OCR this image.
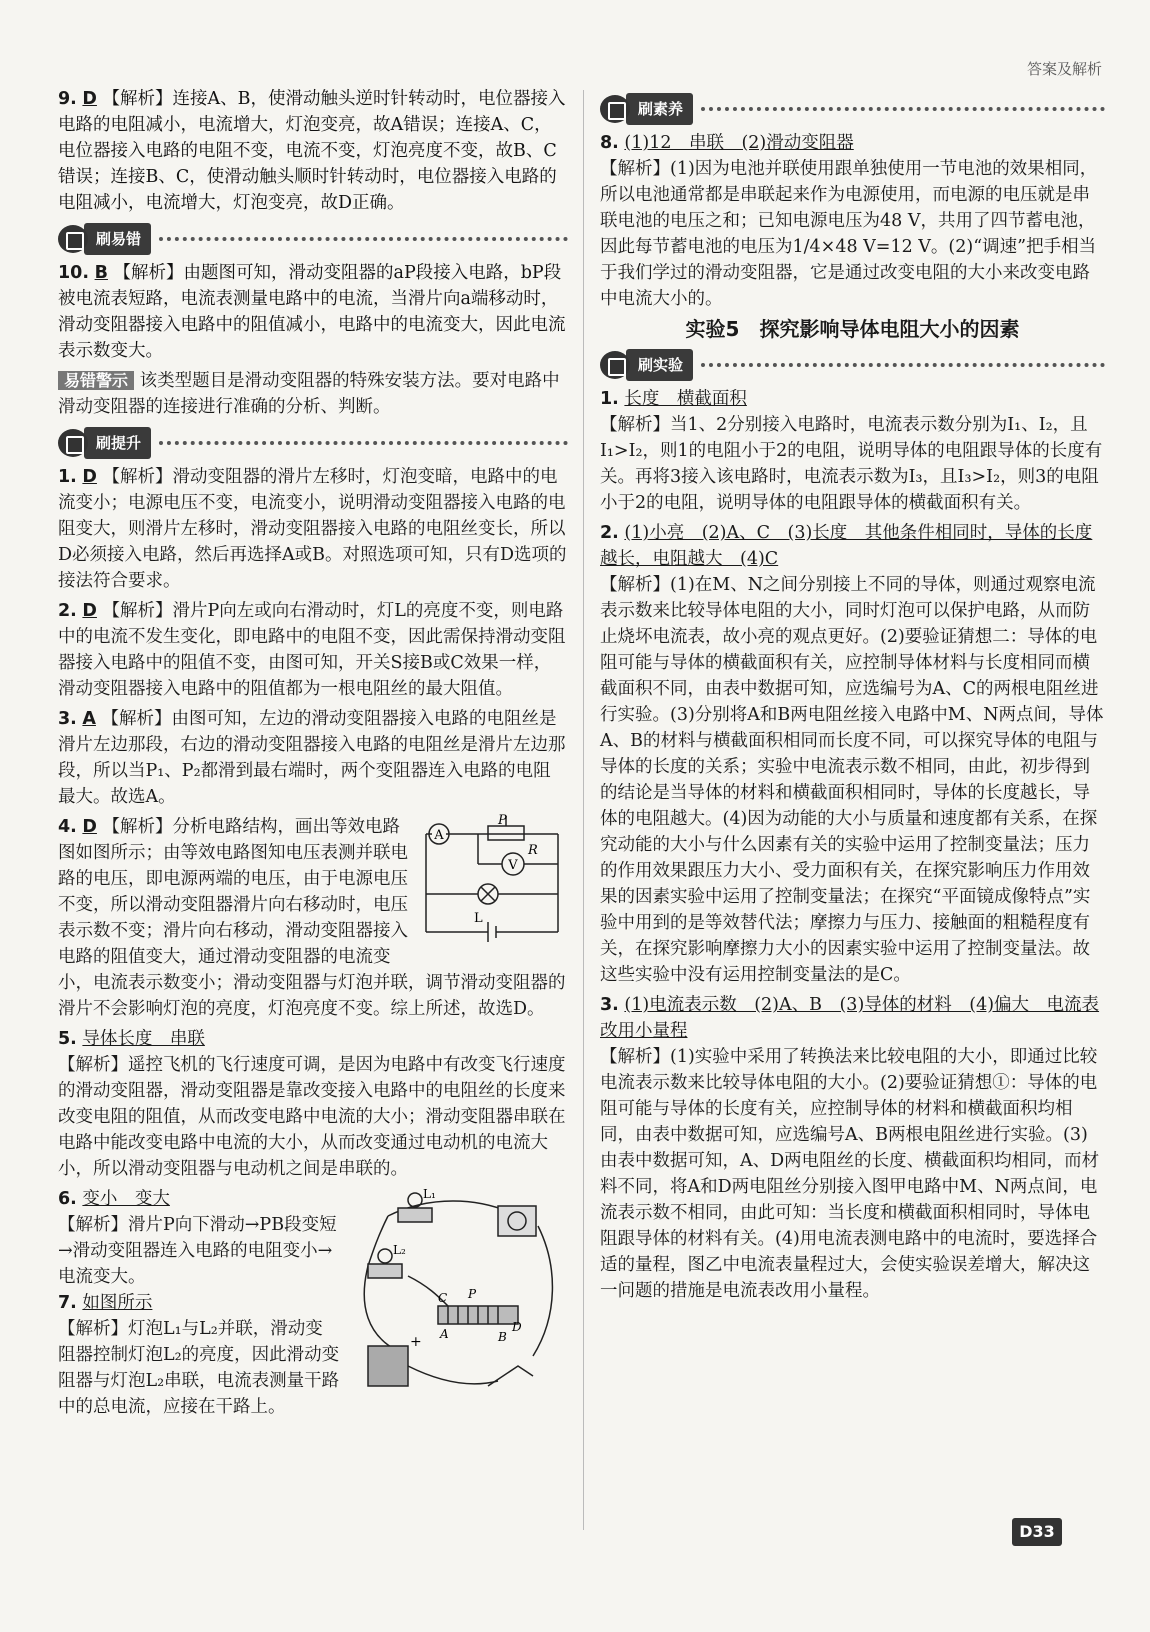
答案及解析
9. D 【解析】连接A、B，使滑动触头逆时针转动时，电位器接入电路的电阻减小，电流增大，灯泡变亮，故A错误；连接A、C，电位器接入电路的电阻不变，电流不变，灯泡亮度不变，故B、C错误；连接B、C，使滑动触头顺时针转动时，电位器接入电路的电阻减小，电流增大，灯泡变亮，故D正确。
刷易错
10. B 【解析】由题图可知，滑动变阻器的aP段接入电路，bP段被电流表短路，电流表测量电路中的电流，当滑片向a端移动时，滑动变阻器接入电路中的阻值减小，电路中的电流变大，因此电流表示数变大。
易错警示 该类型题目是滑动变阻器的特殊安装方法。要对电路中滑动变阻器的连接进行准确的分析、判断。
刷提升
1. D 【解析】滑动变阻器的滑片左移时，灯泡变暗，电路中的电流变小；电源电压不变，电流变小，说明滑动变阻器接入电路的电阻变大，则滑片左移时，滑动变阻器接入电路的电阻丝变长，所以D必须接入电路，然后再选择A或B。对照选项可知，只有D选项的接法符合要求。
2. D 【解析】滑片P向左或向右滑动时，灯L的亮度不变，则电路中的电流不发生变化，即电路中的电阻不变，因此需保持滑动变阻器接入电路中的阻值不变，由图可知，开关S接B或C效果一样，滑动变阻器接入电路中的阻值都为一根电阻丝的最大阻值。
3. A 【解析】由图可知，左边的滑动变阻器接入电路的电阻丝是滑片左边那段，右边的滑动变阻器接入电路的电阻丝是滑片左边那段，所以当P₁、P₂都滑到最右端时，两个变阻器连入电路的电阻最大。故选A。
A
V
P
R
L
4. D 【解析】分析电路结构，画出等效电路图如图所示；由等效电路图知电压表测并联电路的电压，即电源两端的电压，由于电源电压不变，所以滑动变阻器滑片向右移动时，电压表示数不变；滑片向右移动，滑动变阻器接入电路的阻值变大，通过滑动变阻器的电流变小，电流表示数变小；滑动变阻器与灯泡并联，调节滑动变阻器的滑片不会影响灯泡的亮度，灯泡亮度不变。综上所述，故选D。
5. 导体长度　串联
【解析】遥控飞机的飞行速度可调，是因为电路中有改变飞行速度的滑动变阻器，滑动变阻器是靠改变接入电路中的电阻丝的长度来改变电阻的阻值，从而改变电路中电流的大小；滑动变阻器串联在电路中能改变电路中电流的大小，从而改变通过电动机的电流大小，所以滑动变阻器与电动机之间是串联的。
L₁
L₂
C P
A	B
D
+
6. 变小　变大
【解析】滑片P向下滑动→PB段变短→滑动变阻器连入电路的电阻变小→电流变大。
7. 如图所示
【解析】灯泡L₁与L₂并联，滑动变阻器控制灯泡L₂的亮度，因此滑动变阻器与灯泡L₂串联，电流表测量干路中的总电流，应接在干路上。
刷素养
8. (1)12　串联　(2)滑动变阻器
【解析】(1)因为电池并联使用跟单独使用一节电池的效果相同，所以电池通常都是串联起来作为电源使用，而电源的电压就是串联电池的电压之和；已知电源电压为48 V，共用了四节蓄电池，因此每节蓄电池的电压为1/4×48 V=12 V。(2)“调速”把手相当于我们学过的滑动变阻器，它是通过改变电阻的大小来改变电路中电流大小的。
实验5　探究影响导体电阻大小的因素
刷实验
1. 长度　横截面积
【解析】当1、2分别接入电路时，电流表示数分别为I₁、I₂，且I₁>I₂，则1的电阻小于2的电阻，说明导体的电阻跟导体的长度有关。再将3接入该电路时，电流表示数为I₃，且I₃>I₂，则3的电阻小于2的电阻，说明导体的电阻跟导体的横截面积有关。
2. (1)小亮　(2)A、C　(3)长度　其他条件相同时，导体的长度越长，电阻越大　(4)C
【解析】(1)在M、N之间分别接上不同的导体，则通过观察电流表示数来比较导体电阻的大小，同时灯泡可以保护电路，从而防止烧坏电流表，故小亮的观点更好。(2)要验证猜想二：导体的电阻可能与导体的横截面积有关，应控制导体材料与长度相同而横截面积不同，由表中数据可知，应选编号为A、C的两根电阻丝进行实验。(3)分别将A和B两电阻丝接入电路中M、N两点间，导体A、B的材料与横截面积相同而长度不同，可以探究导体的电阻与导体的长度的关系；实验中电流表示数不相同，由此，初步得到的结论是当导体的材料和横截面积相同时，导体的长度越长，导体的电阻越大。(4)因为动能的大小与质量和速度都有关系，在探究动能的大小与什么因素有关的实验中运用了控制变量法；压力的作用效果跟压力大小、受力面积有关，在探究影响压力作用效果的因素实验中运用了控制变量法；在探究“平面镜成像特点”实验中用到的是等效替代法；摩擦力与压力、接触面的粗糙程度有关，在探究影响摩擦力大小的因素实验中运用了控制变量法。故这些实验中没有运用控制变量法的是C。
3. (1)电流表示数　(2)A、B　(3)导体的材料　(4)偏大　电流表改用小量程
【解析】(1)实验中采用了转换法来比较电阻的大小，即通过比较电流表示数来比较导体电阻的大小。(2)要验证猜想①：导体的电阻可能与导体的长度有关，应控制导体的材料和横截面积均相同，由表中数据可知，应选编号A、B两根电阻丝进行实验。(3)由表中数据可知，A、D两电阻丝的长度、横截面积均相同，而材料不同，将A和D两电阻丝分别接入图甲电路中M、N两点间，电流表示数不相同，由此可知：当长度和横截面积相同时，导体电阻跟导体的材料有关。(4)用电流表测电路中的电流时，要选择合适的量程，图乙中电流表量程过大，会使实验误差增大，解决这一问题的措施是电流表改用小量程。
D33
